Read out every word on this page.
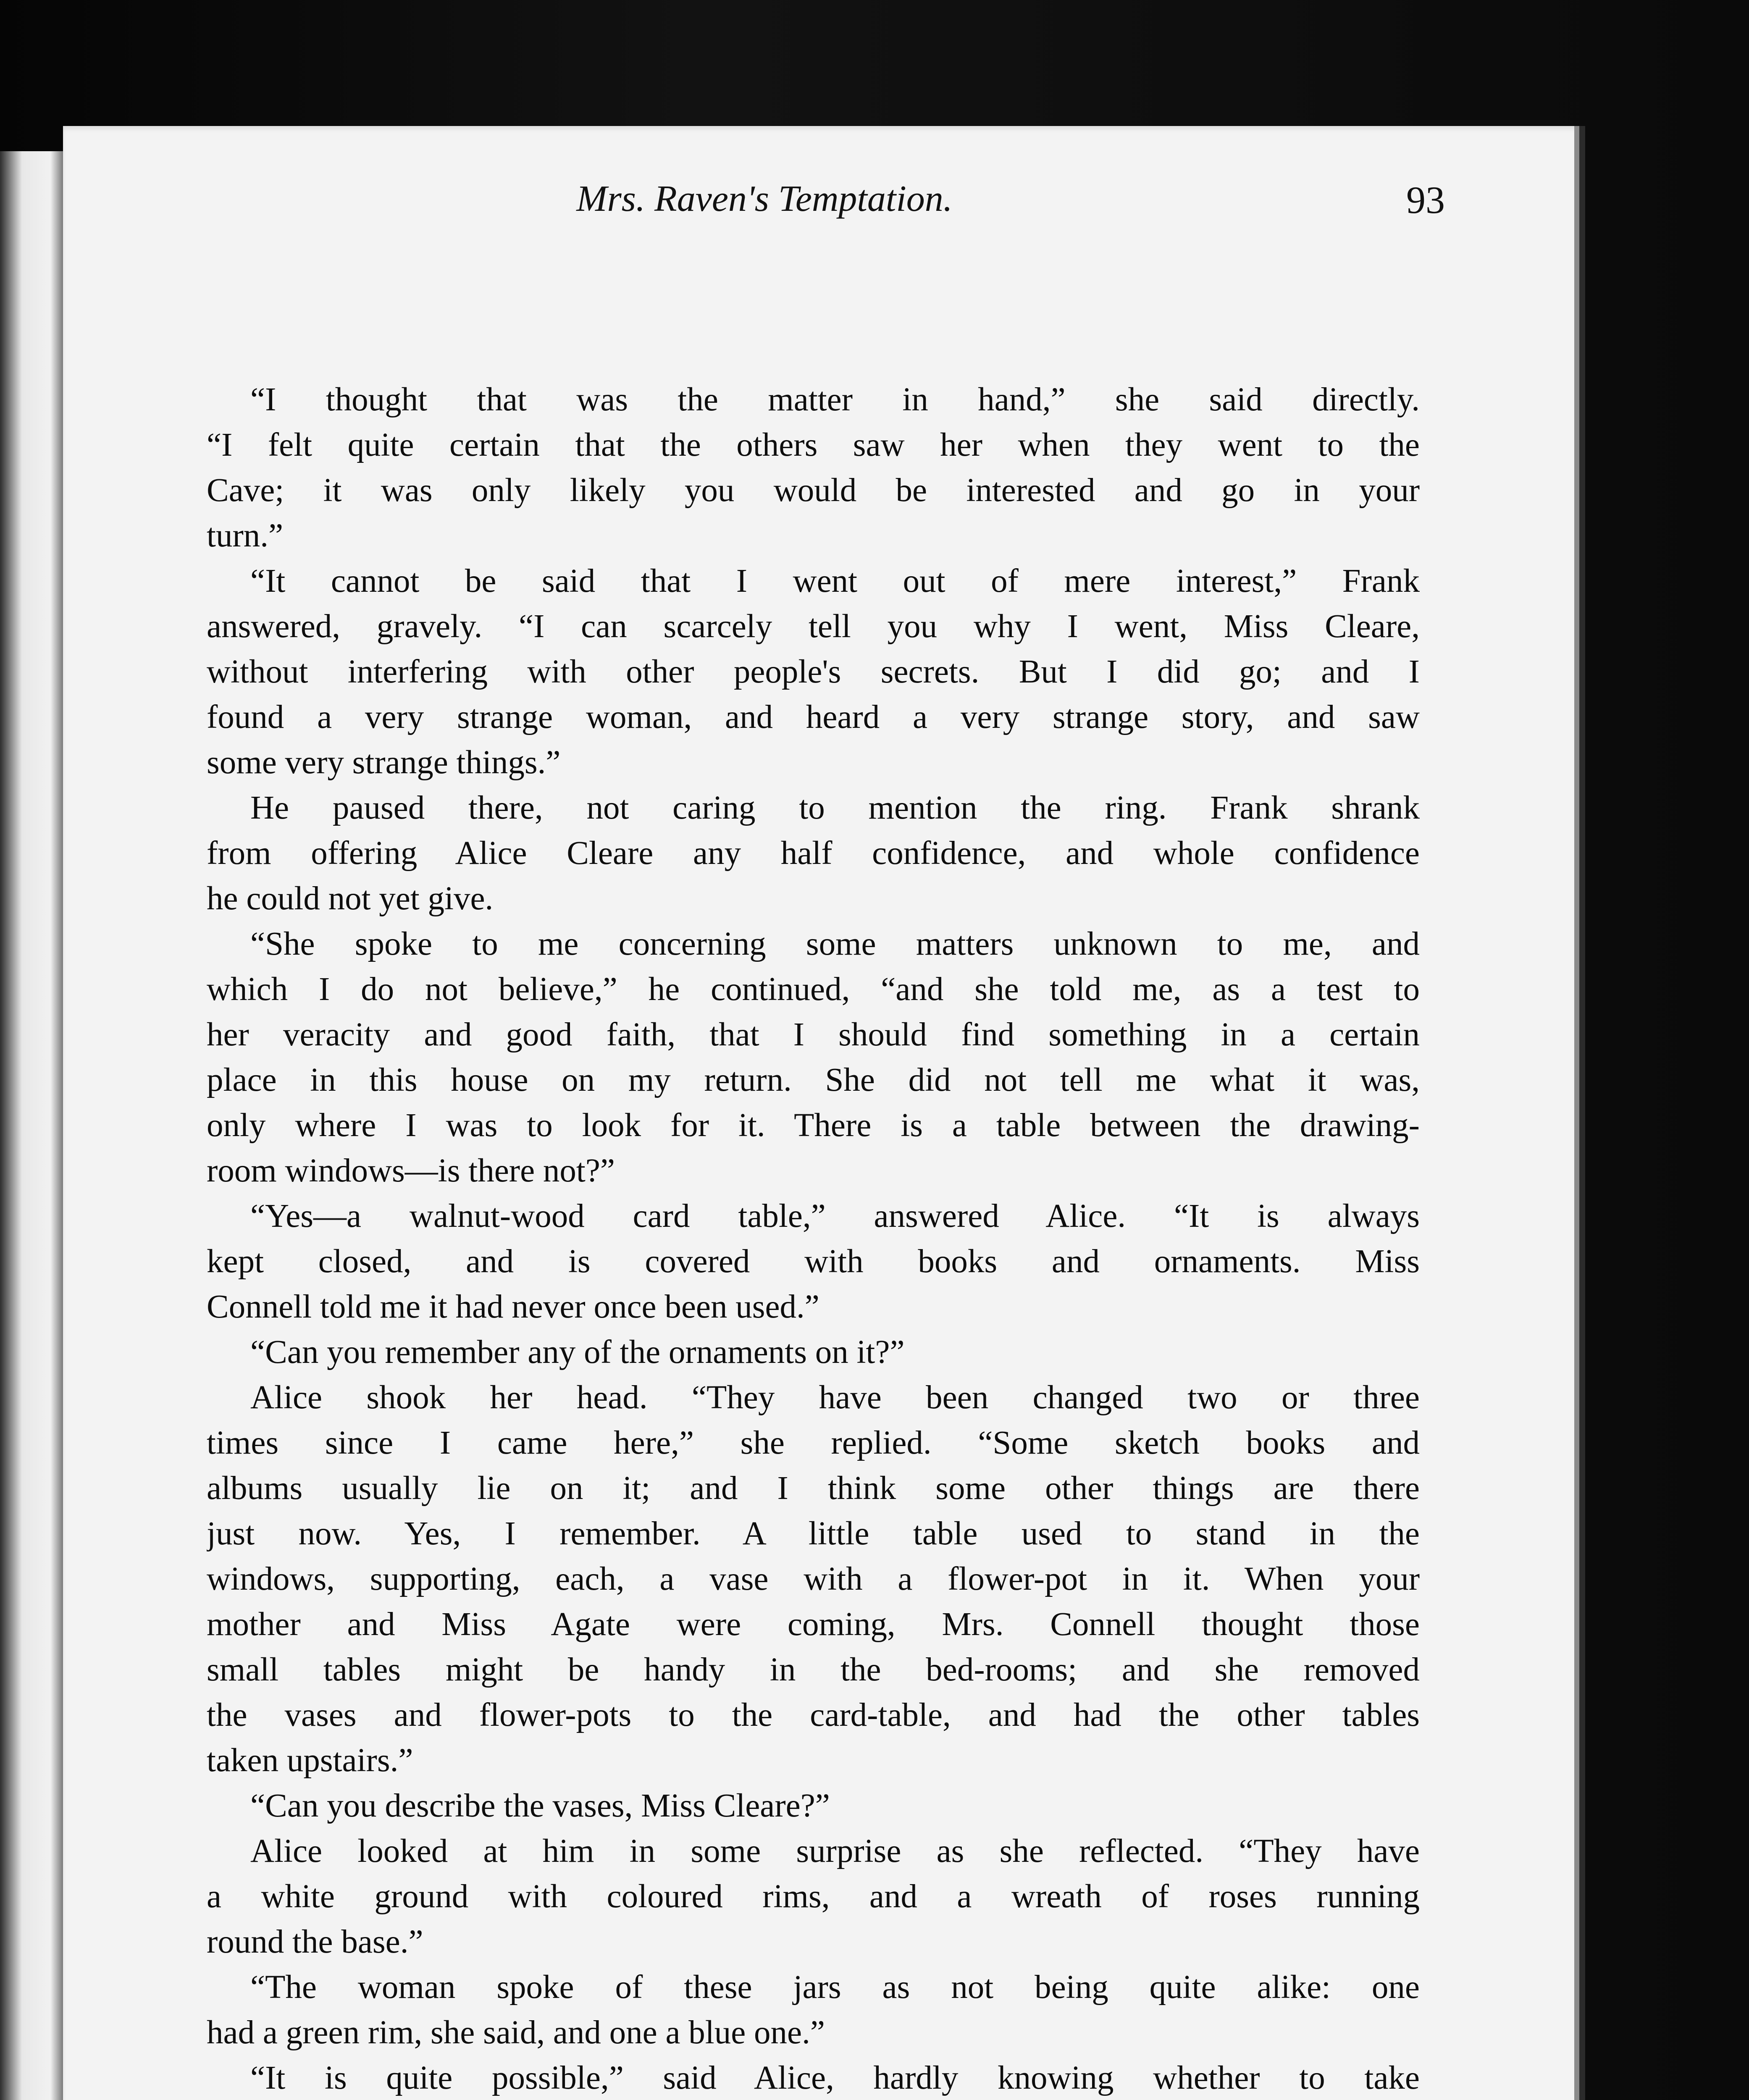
Mrs. Raven's Temptation.	93
“I thought that was the matter in hand,” she said directly.
“I felt quite certain that the others saw her when they went to the
Cave; it was only likely you would be interested and go in your
turn.”
“It cannot be said that I went out of mere interest,” Frank
answered, gravely. “I can scarcely tell you why I went, Miss Cleare,
without interfering with other people's secrets. But I did go; and I
found a very strange woman, and heard a very strange story, and saw
some very strange things.”
He paused there, not caring to mention the ring. Frank shrank
from offering Alice Cleare any half confidence, and whole confidence
he could not yet give.
“She spoke to me concerning some matters unknown to me, and
which I do not believe,” he continued, “and she told me, as a test to
her veracity and good faith, that I should find something in a certain
place in this house on my return. She did not tell me what it was,
only where I was to look for it. There is a table between the drawing-
room windows—is there not?”
“Yes—a walnut-wood card table,” answered Alice. “It is always
kept closed, and is covered with books and ornaments. Miss
Connell told me it had never once been used.”
“Can you remember any of the ornaments on it?”
Alice shook her head. “They have been changed two or three
times since I came here,” she replied. “Some sketch books and
albums usually lie on it; and I think some other things are there
just now. Yes, I remember. A little table used to stand in the
windows, supporting, each, a vase with a flower-pot in it. When your
mother and Miss Agate were coming, Mrs. Connell thought those
small tables might be handy in the bed-rooms; and she removed
the vases and flower-pots to the card-table, and had the other tables
taken upstairs.”
“Can you describe the vases, Miss Cleare?”
Alice looked at him in some surprise as she reflected. “They have
a white ground with coloured rims, and a wreath of roses running
round the base.”
“The woman spoke of these jars as not being quite alike: one
had a green rim, she said, and one a blue one.”
“It is quite possible,” said Alice, hardly knowing whether to take
